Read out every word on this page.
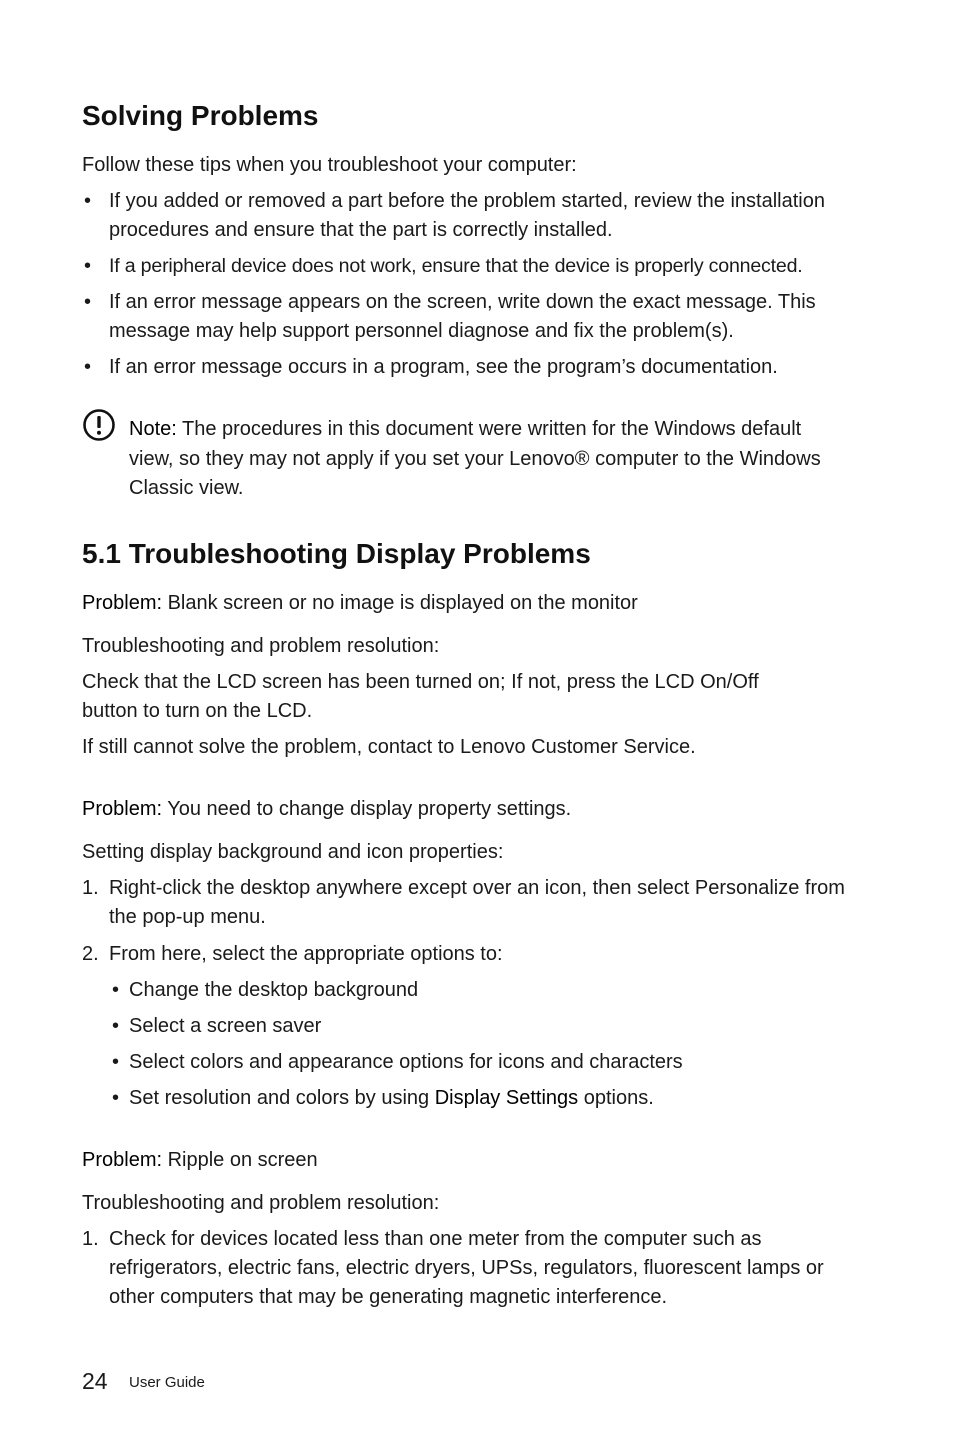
Solving Problems

Follow these tips when you troubleshoot your computer:

• If you added or removed a part before the problem started, review the installation procedures and ensure that the part is correctly installed.
• If a peripheral device does not work, ensure that the device is properly connected.
• If an error message appears on the screen, write down the exact message. This message may help support personnel diagnose and fix the problem(s).
• If an error message occurs in a program, see the program’s documentation.
Note: The procedures in this document were written for the Windows default view, so they may not apply if you set your Lenovo® computer to the Windows Classic view.
5.1 Troubleshooting Display Problems

Problem: Blank screen or no image is displayed on the monitor

Troubleshooting and problem resolution:

Check that the LCD screen has been turned on; If not, press the LCD On/Off button to turn on the LCD.

If still cannot solve the problem, contact to Lenovo Customer Service.

Problem: You need to change display property settings.

Setting display background and icon properties:

1. Right-click the desktop anywhere except over an icon, then select Personalize from the pop-up menu.
2. From here, select the appropriate options to:
• Change the desktop background
• Select a screen saver
• Select colors and appearance options for icons and characters
• Set resolution and colors by using Display Settings options.

Problem: Ripple on screen

Troubleshooting and problem resolution:

1. Check for devices located less than one meter from the computer such as refrigerators, electric fans, electric dryers, UPSs, regulators, fluorescent lamps or other computers that may be generating magnetic interference.
24 User Guide
